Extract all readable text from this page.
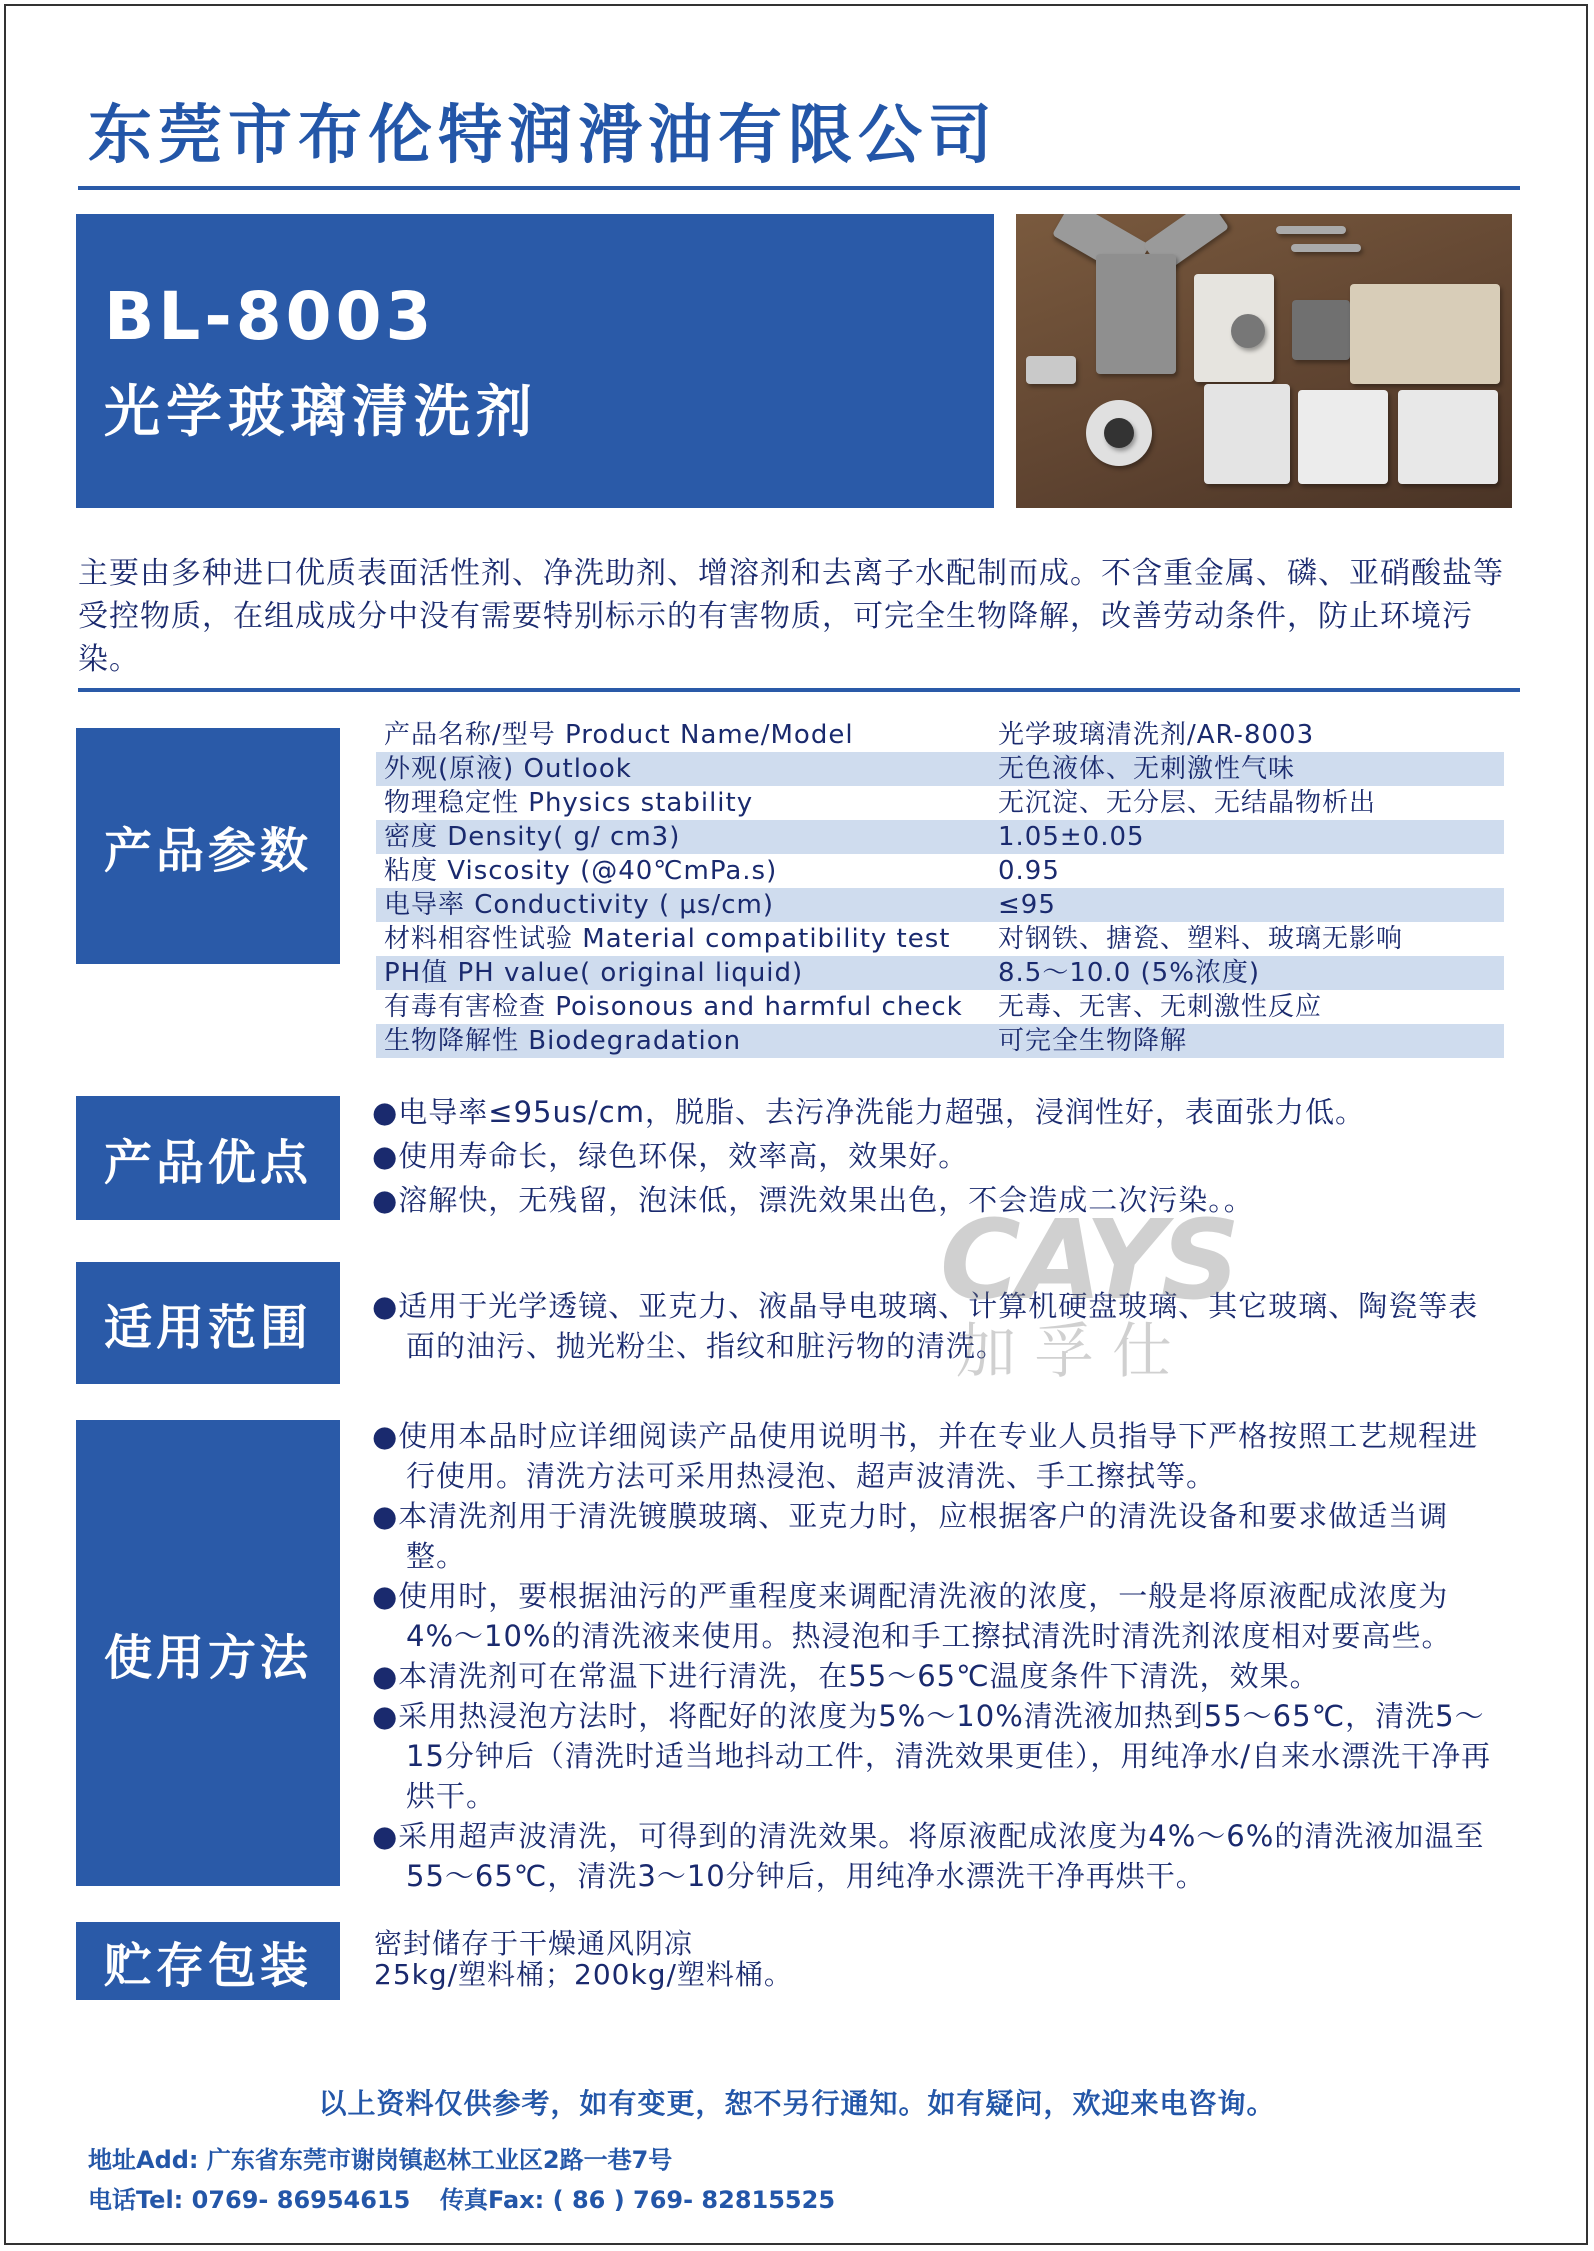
东莞市布伦特润滑油有限公司
BL-8003
光学玻璃清洗剂
主要由多种进口优质表面活性剂、净洗助剂、增溶剂和去离子水配制而成。不含重金属、磷、亚硝酸盐等受控物质，在组成成分中没有需要特别标示的有害物质，可完全生物降解，改善劳动条件，防止环境污染。
产品参数
产品名称/型号 Product Name/Model	光学玻璃清洗剂/AR-8003
外观(原液) Outlook	无色液体、无刺激性气味
物理稳定性 Physics stability	无沉淀、无分层、无结晶物析出
密度 Density( g/ cm3)	1.05±0.05
粘度 Viscosity (@40℃mPa.s)	0.95
电导率 Conductivity ( µs/cm)	≤95
材料相容性试验 Material compatibility test 对钢铁、搪瓷、塑料、玻璃无影响
PH值 PH value( original liquid)	8.5～10.0 (5%浓度)
有毒有害检查 Poisonous and harmful check 无毒、无害、无刺激性反应
生物降解性 Biodegradation	可完全生物降解
产品优点

●电导率≤95us/cm，脱脂、去污净洗能力超强，浸润性好，表面张力低。

●使用寿命长，绿色环保，效率高，效果好。

●溶解快，无残留，泡沫低，漂洗效果出色，不会造成二次污染。。

适用范围	●适用于光学透镜、亚克力、液晶导电玻璃、计算机硬盘玻璃、其它玻璃、陶瓷等表面的油污、抛光粉尘、指纹和脏污物的清洗。

使用方法

●使用本品时应详细阅读产品使用说明书，并在专业人员指导下严格按照工艺规程进行使用。清洗方法可采用热浸泡、超声波清洗、手工擦拭等。

●本清洗剂用于清洗镀膜玻璃、亚克力时，应根据客户的清洗设备和要求做适当调整。

●使用时，要根据油污的严重程度来调配清洗液的浓度，一般是将原液配成浓度为4%～10%的清洗液来使用。热浸泡和手工擦拭清洗时清洗剂浓度相对要高些。

●本清洗剂可在常温下进行清洗，在55～65℃温度条件下清洗，效果。

●采用热浸泡方法时，将配好的浓度为5%～10%清洗液加热到55～65℃，清洗5～15分钟后（清洗时适当地抖动工件，清洗效果更佳），用纯净水/自来水漂洗干净再烘干。

●采用超声波清洗，可得到的清洗效果。将原液配成浓度为4%～6%的清洗液加温至55～65℃，清洗3～10分钟后，用纯净水漂洗干净再烘干。

贮存包装	密封储存于干燥通风阴凉
25kg/塑料桶；200kg/塑料桶。
CAYS
加孚仕
以上资料仅供参考，如有变更，恕不另行通知。如有疑问，欢迎来电咨询。
地址Add: 广东省东莞市谢岗镇赵林工业区2路一巷7号
电话Tel: 0769- 86954615 传真Fax: ( 86 ) 769- 82815525
